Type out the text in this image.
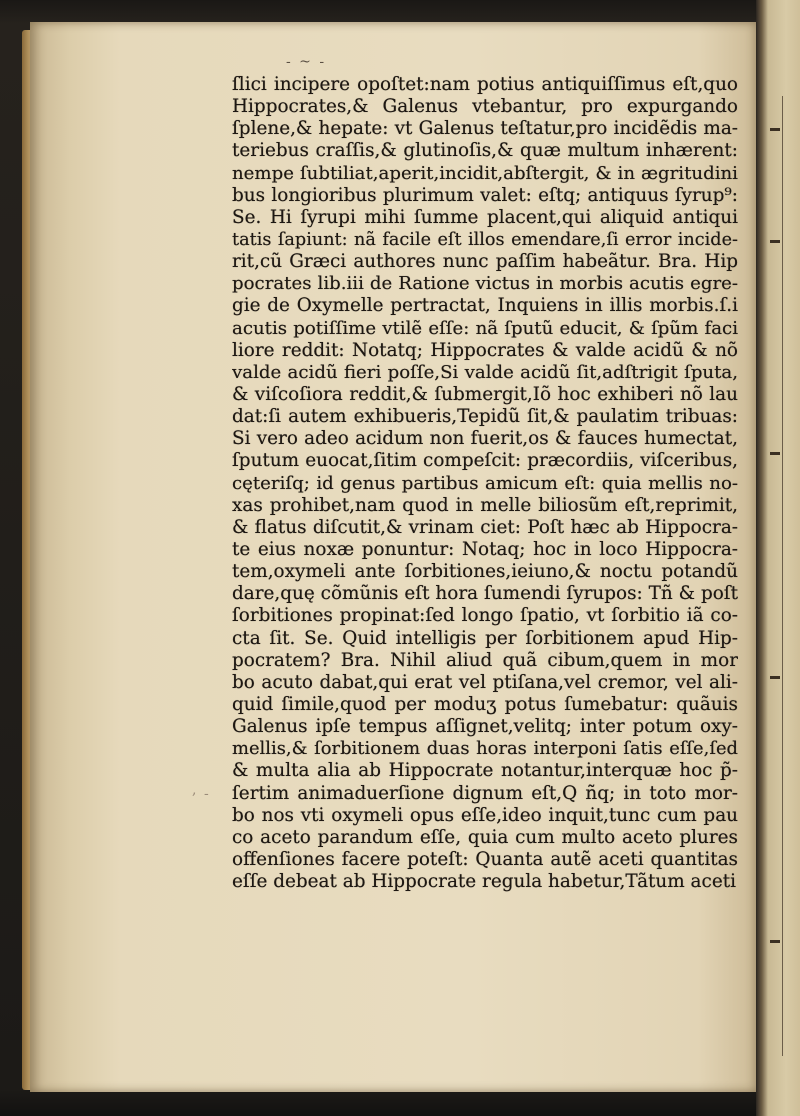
- ~ -
, -
ſlici incipere opoſtet:nam potius antiquiſſimus eſt,quo
Hippocrates,& Galenus vtebantur, pro expurgando
ſplene,& hepate: vt Galenus teſtatur,pro incidẽdis ma-
teriebus craſſis,& glutinoſis,& quæ multum inhærent:
nempe ſubtiliat,aperit,incidit,abſtergit, & in ægritudini
bus longioribus plurimum valet: eſtq; antiquus ſyrup⁹:
Se. Hi ſyrupi mihi ſumme placent,qui aliquid antiqui
tatis ſapiunt: nã facile eſt illos emendare,ſi error incide-
rit,cũ Græci authores nunc paſſim habeãtur. Bra. Hip
pocrates lib.iii de Ratione victus in morbis acutis egre-
gie de Oxymelle pertractat, Inquiens in illis morbis.ſ.i
acutis potiſſime vtilẽ eſſe: nã ſputũ educit, & ſpũm faci
liore reddit: Notatq; Hippocrates & valde acidũ & nõ
valde acidũ fieri poſſe,Si valde acidũ ſit,adſtrigit ſputa,
& viſcoſiora reddit,& ſubmergit,Iõ hoc exhiberi nõ lau
dat:ſi autem exhibueris,Tepidũ ſit,& paulatim tribuas:
Si vero adeo acidum non fuerit,os & fauces humectat,
ſputum euocat,ſitim compeſcit: præcordiis, viſceribus,
cęteriſq; id genus partibus amicum eſt: quia mellis no-
xas prohibet,nam quod in melle biliosũm eſt,reprimit,
& flatus diſcutit,& vrinam ciet: Poſt hæc ab Hippocra-
te eius noxæ ponuntur: Notaq; hoc in loco Hippocra-
tem,oxymeli ante ſorbitiones,ieiuno,& noctu potandũ
dare,quę cõmũnis eſt hora ſumendi ſyrupos: Tñ & poſt
ſorbitiones propinat:ſed longo ſpatio, vt ſorbitio iã co-
cta ſit. Se. Quid intelligis per ſorbitionem apud Hip-
pocratem? Bra. Nihil aliud quã cibum,quem in mor
bo acuto dabat,qui erat vel ptiſana,vel cremor, vel ali-
quid ſimile,quod per moduʒ potus ſumebatur: quãuis
Galenus ipſe tempus aſſignet,velitq; inter potum oxy-
mellis,& ſorbitionem duas horas interponi ſatis eſſe,ſed
& multa alia ab Hippocrate notantur,interquæ hoc p̃-
ſertim animaduerſione dignum eſt,Q ñq; in toto mor-
bo nos vti oxymeli opus eſſe,ideo inquit,tunc cum pau
co aceto parandum eſſe, quia cum multo aceto plures
offenſiones facere poteſt: Quanta autẽ aceti quantitas
eſſe debeat ab Hippocrate regula habetur,Tãtum aceti
